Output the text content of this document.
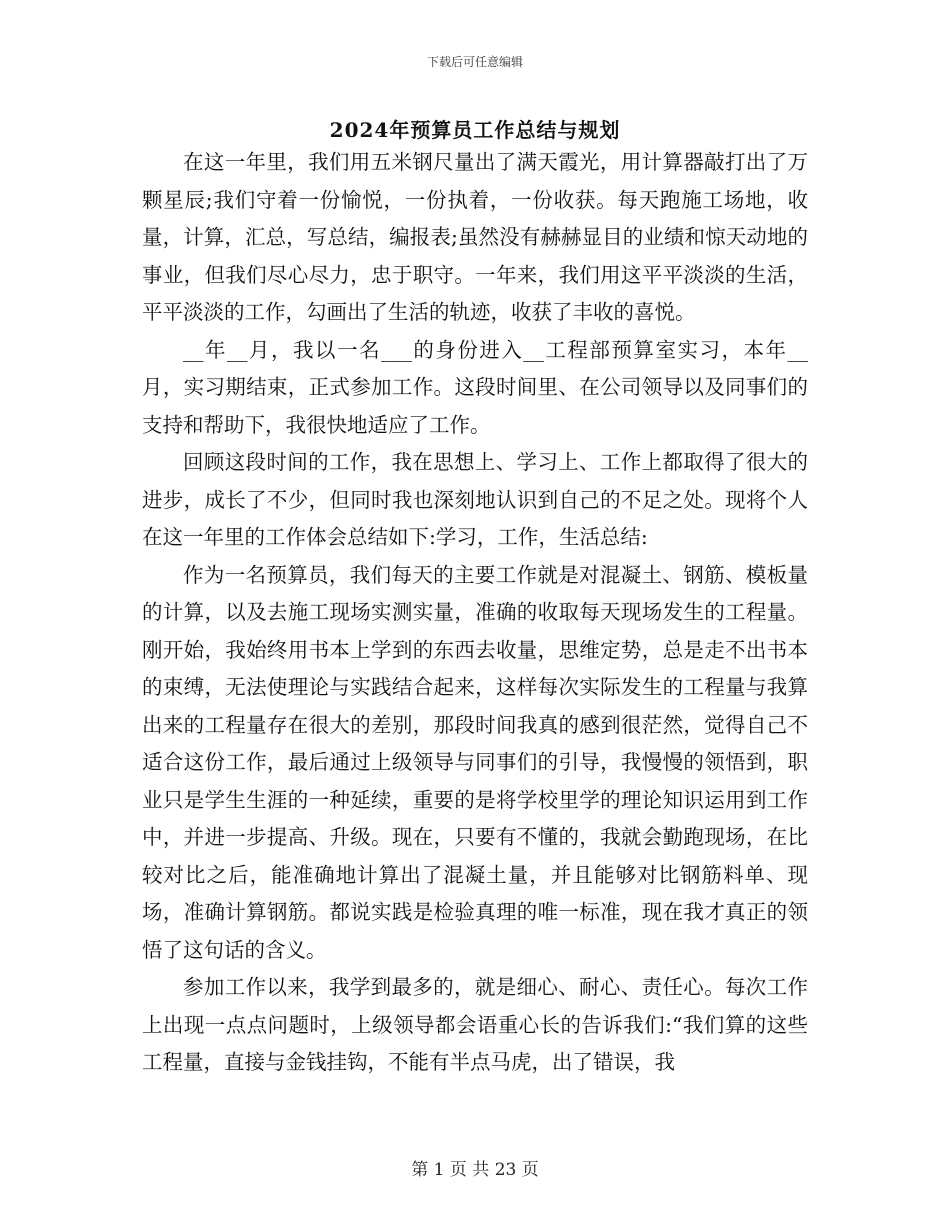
下载后可任意编辑
2024年预算员工作总结与规划

在这一年里，我们用五米钢尺量出了满天霞光，用计算器敲打出了万颗星辰;我们守着一份愉悦，一份执着，一份收获。每天跑施工场地，收量，计算，汇总，写总结，编报表;虽然没有赫赫显目的业绩和惊天动地的事业，但我们尽心尽力，忠于职守。一年来，我们用这平平淡淡的生活，平平淡淡的工作，勾画出了生活的轨迹，收获了丰收的喜悦。

__年__月，我以一名___的身份进入__工程部预算室实习，本年__月，实习期结束，正式参加工作。这段时间里、在公司领导以及同事们的支持和帮助下，我很快地适应了工作。

回顾这段时间的工作，我在思想上、学习上、工作上都取得了很大的进步，成长了不少，但同时我也深刻地认识到自己的不足之处。现将个人在这一年里的工作体会总结如下:学习，工作，生活总结:

作为一名预算员，我们每天的主要工作就是对混凝土、钢筋、模板量的计算，以及去施工现场实测实量，准确的收取每天现场发生的工程量。刚开始，我始终用书本上学到的东西去收量，思维定势，总是走不出书本的束缚，无法使理论与实践结合起来，这样每次实际发生的工程量与我算出来的工程量存在很大的差别，那段时间我真的感到很茫然，觉得自己不适合这份工作，最后通过上级领导与同事们的引导，我慢慢的领悟到，职业只是学生生涯的一种延续，重要的是将学校里学的理论知识运用到工作中，并进一步提高、升级。现在，只要有不懂的，我就会勤跑现场，在比较对比之后，能准确地计算出了混凝土量，并且能够对比钢筋料单、现场，准确计算钢筋。都说实践是检验真理的唯一标准，现在我才真正的领悟了这句话的含义。

参加工作以来，我学到最多的，就是细心、耐心、责任心。每次工作上出现一点点问题时，上级领导都会语重心长的告诉我们:“我们算的这些工程量，直接与金钱挂钩，不能有半点马虎，出了错误，我

第 1 页 共 23 页
